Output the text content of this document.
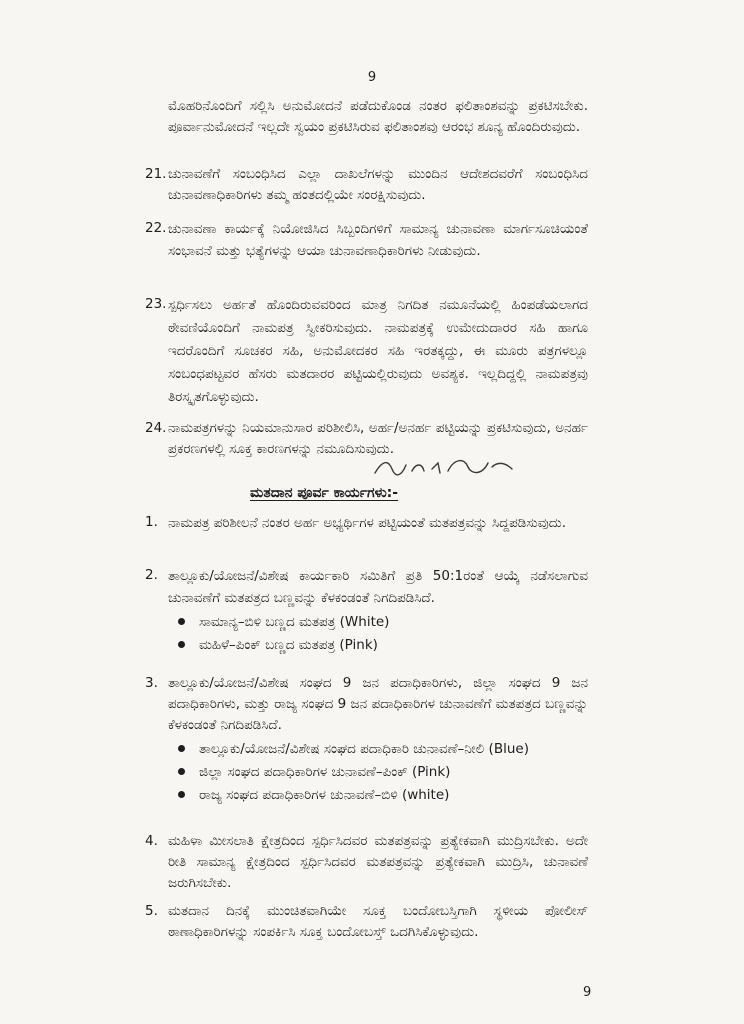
9
ಮೊಹರಿನೊಂದಿಗೆ ಸಲ್ಲಿಸಿ ಅನುಮೋದನೆ ಪಡೆದುಕೊಂಡ ನಂತರ ಫಲಿತಾಂಶವನ್ನು ಪ್ರಕಟಿಸಬೇಕು. ಪೂರ್ವಾನುಮೋದನೆ ಇಲ್ಲದೇ ಸ್ವಯಂ ಪ್ರಕಟಿಸಿರುವ ಫಲಿತಾಂಶವು ಆರಂಭ ಶೂನ್ಯ ಹೊಂದಿರುವುದು.
21. ಚುನಾವಣೆಗೆ ಸಂಬಂಧಿಸಿದ ಎಲ್ಲಾ ದಾಖಲೆಗಳನ್ನು ಮುಂದಿನ ಆದೇಶದವರೆಗೆ ಸಂಬಂಧಿಸಿದ ಚುನಾವಣಾಧಿಕಾರಿಗಳು ತಮ್ಮ ಹಂತದಲ್ಲಿಯೇ ಸಂರಕ್ಷಿಸುವುದು.
22. ಚುನಾವಣಾ ಕಾರ್ಯಕ್ಕೆ ನಿಯೋಜಿಸಿದ ಸಿಬ್ಬಂದಿಗಳಿಗೆ ಸಾಮಾನ್ಯ ಚುನಾವಣಾ ಮಾರ್ಗಸೂಚಿಯಂತೆ ಸಂಭಾವನೆ ಮತ್ತು ಭತ್ಯೆಗಳನ್ನು ಆಯಾ ಚುನಾವಣಾಧಿಕಾರಿಗಳು ನೀಡುವುದು.
23. ಸ್ಪರ್ಧಿಸಲು ಅರ್ಹತೆ ಹೊಂದಿರುವವರಿಂದ ಮಾತ್ರ ನಿಗದಿತ ನಮೂನೆಯಲ್ಲಿ ಹಿಂಪಡೆಯಲಾಗದ ಠೇವಣಿಯೊಂದಿಗೆ ನಾಮಪತ್ರ ಸ್ವೀಕರಿಸುವುದು. ನಾಮಪತ್ರಕ್ಕೆ ಉಮೇದುದಾರರ ಸಹಿ ಹಾಗೂ ಇದರೊಂದಿಗೆ ಸೂಚಕರ ಸಹಿ, ಅನುಮೋದಕರ ಸಹಿ ಇರತಕ್ಕದ್ದು, ಈ ಮೂರು ಪತ್ರಗಳಲ್ಲೂ ಸಂಬಂಧಪಟ್ಟವರ ಹೆಸರು ಮತದಾರರ ಪಟ್ಟಿಯಲ್ಲಿರುವುದು ಅವಶ್ಯಕ. ಇಲ್ಲದಿದ್ದಲ್ಲಿ ನಾಮಪತ್ರವು ತಿರಸ್ಕೃತಗೊಳ್ಳುವುದು.
24. ನಾಮಪತ್ರಗಳನ್ನು ನಿಯಮಾನುಸಾರ ಪರಿಶೀಲಿಸಿ, ಅರ್ಹ/ಅನರ್ಹ ಪಟ್ಟಿಯನ್ನು ಪ್ರಕಟಿಸುವುದು, ಅನರ್ಹ ಪ್ರಕರಣಗಳಲ್ಲಿ ಸೂಕ್ತ ಕಾರಣಗಳನ್ನು ನಮೂದಿಸುವುದು.
ಮತದಾನ ಪೂರ್ವ ಕಾರ್ಯಗಳು:-
1. ನಾಮಪತ್ರ ಪರಿಶೀಲನೆ ನಂತರ ಅರ್ಹ ಅಭ್ಯರ್ಥಿಗಳ ಪಟ್ಟಿಯಂತೆ ಮತಪತ್ರವನ್ನು ಸಿದ್ದಪಡಿಸುವುದು.
2. ತಾಲ್ಲೂಕು/ಯೋಜನೆ/ವಿಶೇಷ ಕಾರ್ಯಕಾರಿ ಸಮಿತಿಗೆ ಪ್ರತಿ 50:1ರಂತೆ ಆಯ್ಕೆ ನಡೆಸಲಾಗುವ ಚುನಾವಣೆಗೆ ಮತಪತ್ರದ ಬಣ್ಣವನ್ನು ಕೆಳಕಂಡಂತೆ ನಿಗದಿಪಡಿಸಿದೆ.
ಸಾಮಾನ್ಯ–ಬಿಳಿ ಬಣ್ಣದ ಮತಪತ್ರ (White)
ಮಹಿಳೆ–ಪಿಂಕ್ ಬಣ್ಣದ ಮತಪತ್ರ (Pink)
3. ತಾಲ್ಲೂಕು/ಯೋಜನೆ/ವಿಶೇಷ ಸಂಘದ 9 ಜನ ಪದಾಧಿಕಾರಿಗಳು, ಜಿಲ್ಲಾ ಸಂಘದ 9 ಜನ ಪದಾಧಿಕಾರಿಗಳು, ಮತ್ತು ರಾಜ್ಯ ಸಂಘದ 9 ಜನ ಪದಾಧಿಕಾರಿಗಳ ಚುನಾವಣೆಗೆ ಮತಪತ್ರದ ಬಣ್ಣವನ್ನು ಕೆಳಕಂಡಂತೆ ನಿಗದಿಪಡಿಸಿದೆ.
ತಾಲ್ಲೂಕು/ಯೋಜನೆ/ವಿಶೇಷ ಸಂಘದ ಪದಾಧಿಕಾರಿ ಚುನಾವಣೆ–ನೀಲಿ (Blue)
ಜಿಲ್ಲಾ ಸಂಘದ ಪದಾಧಿಕಾರಿಗಳ ಚುನಾವಣೆ–ಪಿಂಕ್ (Pink)
ರಾಜ್ಯ ಸಂಘದ ಪದಾಧಿಕಾರಿಗಳ ಚುನಾವಣೆ–ಬಿಳಿ (white)
4. ಮಹಿಳಾ ಮೀಸಲಾತಿ ಕ್ಷೇತ್ರದಿಂದ ಸ್ಪರ್ಧಿಸಿದವರ ಮತಪತ್ರವನ್ನು ಪ್ರತ್ಯೇಕವಾಗಿ ಮುದ್ರಿಸಬೇಕು. ಅದೇ ರೀತಿ ಸಾಮಾನ್ಯ ಕ್ಷೇತ್ರದಿಂದ ಸ್ಪರ್ಧಿಸಿದವರ ಮತಪತ್ರವನ್ನು ಪ್ರತ್ಯೇಕವಾಗಿ ಮುದ್ರಿಸಿ, ಚುನಾವಣೆ ಜರುಗಿಸಬೇಕು.
5. ಮತದಾನ ದಿನಕ್ಕೆ ಮುಂಚಿತವಾಗಿಯೇ ಸೂಕ್ತ ಬಂದೋಬಸ್ತಿಗಾಗಿ ಸ್ಥಳೀಯ ಪೋಲೀಸ್ ಠಾಣಾಧಿಕಾರಿಗಳನ್ನು ಸಂಪರ್ಕಿಸಿ ಸೂಕ್ತ ಬಂದೋಬಸ್ತ್ ಒದಗಿಸಿಕೊಳ್ಳುವುದು.
9
